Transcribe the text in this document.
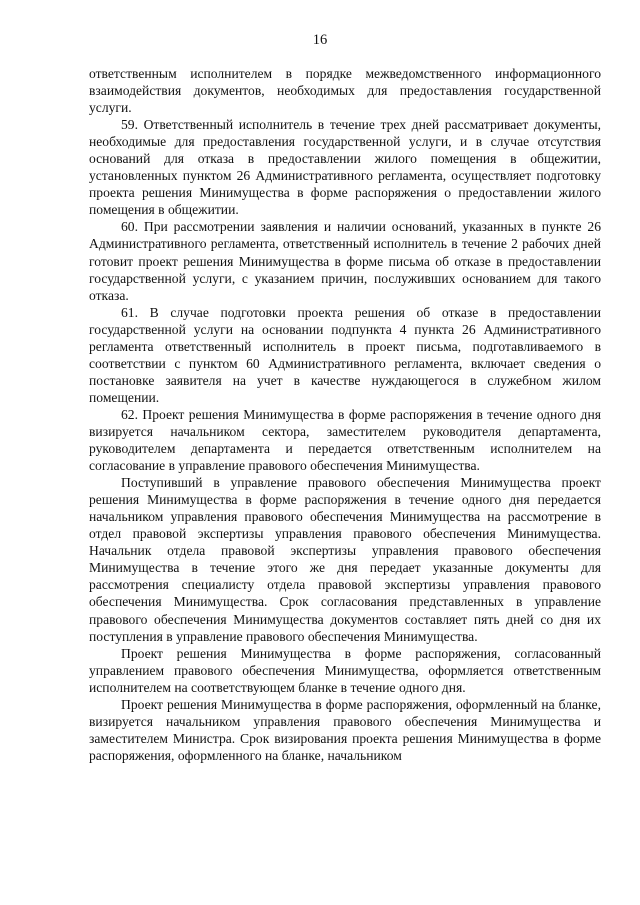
16

ответственным исполнителем в порядке межведомственного информационного взаимодействия документов, необходимых для предоставления государственной услуги.

59. Ответственный исполнитель в течение трех дней рассматривает документы, необходимые для предоставления государственной услуги, и в случае отсутствия оснований для отказа в предоставлении жилого помещения в общежитии, установленных пунктом 26 Административного регламента, осуществляет подготовку проекта решения Минимущества в форме распоряжения о предоставлении жилого помещения в общежитии.

60. При рассмотрении заявления и наличии оснований, указанных в пункте 26 Административного регламента, ответственный исполнитель в течение 2 рабочих дней готовит проект решения Минимущества в форме письма об отказе в предоставлении государственной услуги, с указанием причин, послуживших основанием для такого отказа.

61. В случае подготовки проекта решения об отказе в предоставлении государственной услуги на основании подпункта 4 пункта 26 Административного регламента ответственный исполнитель в проект письма, подготавливаемого в соответствии с пунктом 60 Административного регламента, включает сведения о постановке заявителя на учет в качестве нуждающегося в служебном жилом помещении.

62. Проект решения Минимущества в форме распоряжения в течение одного дня визируется начальником сектора, заместителем руководителя департамента, руководителем департамента и передается ответственным исполнителем на согласование в управление правового обеспечения Минимущества.

Поступивший в управление правового обеспечения Минимущества проект решения Минимущества в форме распоряжения в течение одного дня передается начальником управления правового обеспечения Минимущества на рассмотрение в отдел правовой экспертизы управления правового обеспечения Минимущества. Начальник отдела правовой экспертизы управления правового обеспечения Минимущества в течение этого же дня передает указанные документы для рассмотрения специалисту отдела правовой экспертизы управления правового обеспечения Минимущества. Срок согласования представленных в управление правового обеспечения Минимущества документов составляет пять дней со дня их поступления в управление правового обеспечения Минимущества.

Проект решения Минимущества в форме распоряжения, согласованный управлением правового обеспечения Минимущества, оформляется ответственным исполнителем на соответствующем бланке в течение одного дня.

Проект решения Минимущества в форме распоряжения, оформленный на бланке, визируется начальником управления правового обеспечения Минимущества и заместителем Министра. Срок визирования проекта решения Минимущества в форме распоряжения, оформленного на бланке, начальником
